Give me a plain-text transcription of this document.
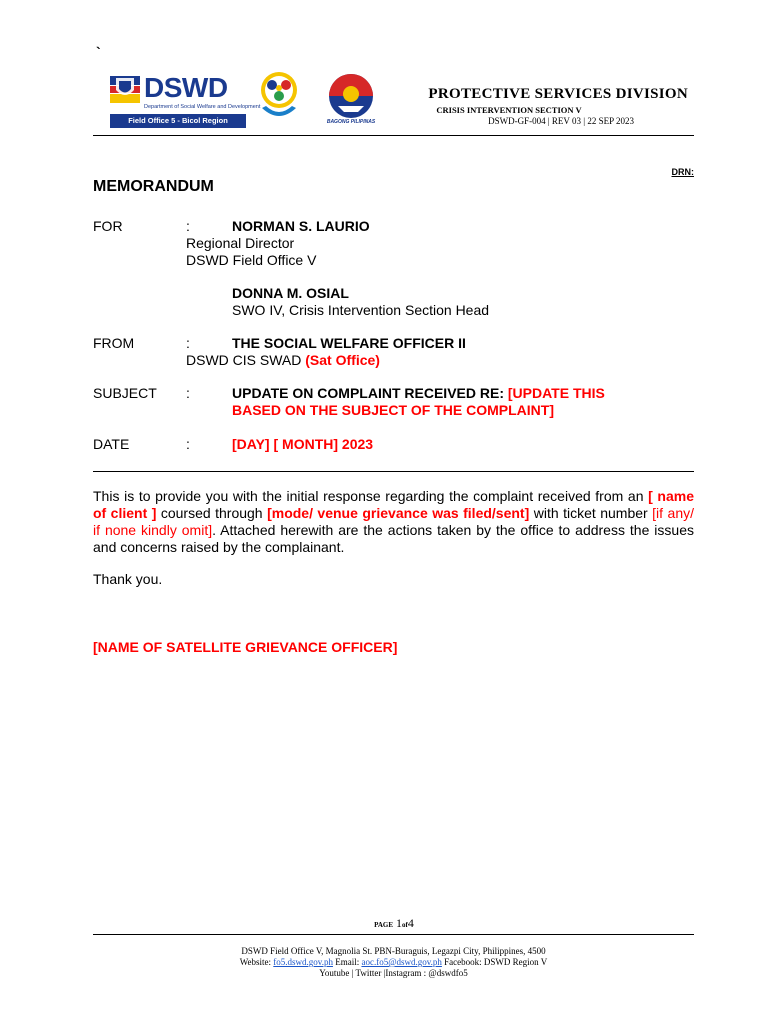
`
DSWD
Department of Social Welfare and Development
Field Office 5 - Bicol Region	BAGONG PILIPINAS
PROTECTIVE SERVICES DIVISION
CRISIS INTERVENTION SECTION V
DSWD-GF-004 | REV 03 | 22 SEP 2023
DRN:
MEMORANDUM
FOR	:	NORMAN S. LAURIO
Regional Director
DSWD Field Office V
DONNA M. OSIAL
SWO IV, Crisis Intervention Section Head
FROM	:	THE SOCIAL WELFARE OFFICER II
DSWD CIS SWAD (Sat Office)
SUBJECT :	UPDATE ON COMPLAINT RECEIVED RE: [UPDATE THIS
BASED ON THE SUBJECT OF THE COMPLAINT]
DATE	:	[DAY] [ MONTH] 2023
This is to provide you with the initial response regarding the complaint received from an [ name of client ] coursed through [mode/ venue grievance was filed/sent] with ticket number [if any/ if none kindly omit]. Attached herewith are the actions taken by the office to address the issues and concerns raised by the complainant.
Thank you.
[NAME OF SATELLITE GRIEVANCE OFFICER]
PAGE 1of4
DSWD Field Office V, Magnolia St. PBN-Buraguis, Legazpi City, Philippines, 4500
Website: fo5.dswd.gov.ph Email: aoc.fo5@dswd.gov.ph Facebook: DSWD Region V
Youtube | Twitter |Instagram : @dswdfo5
